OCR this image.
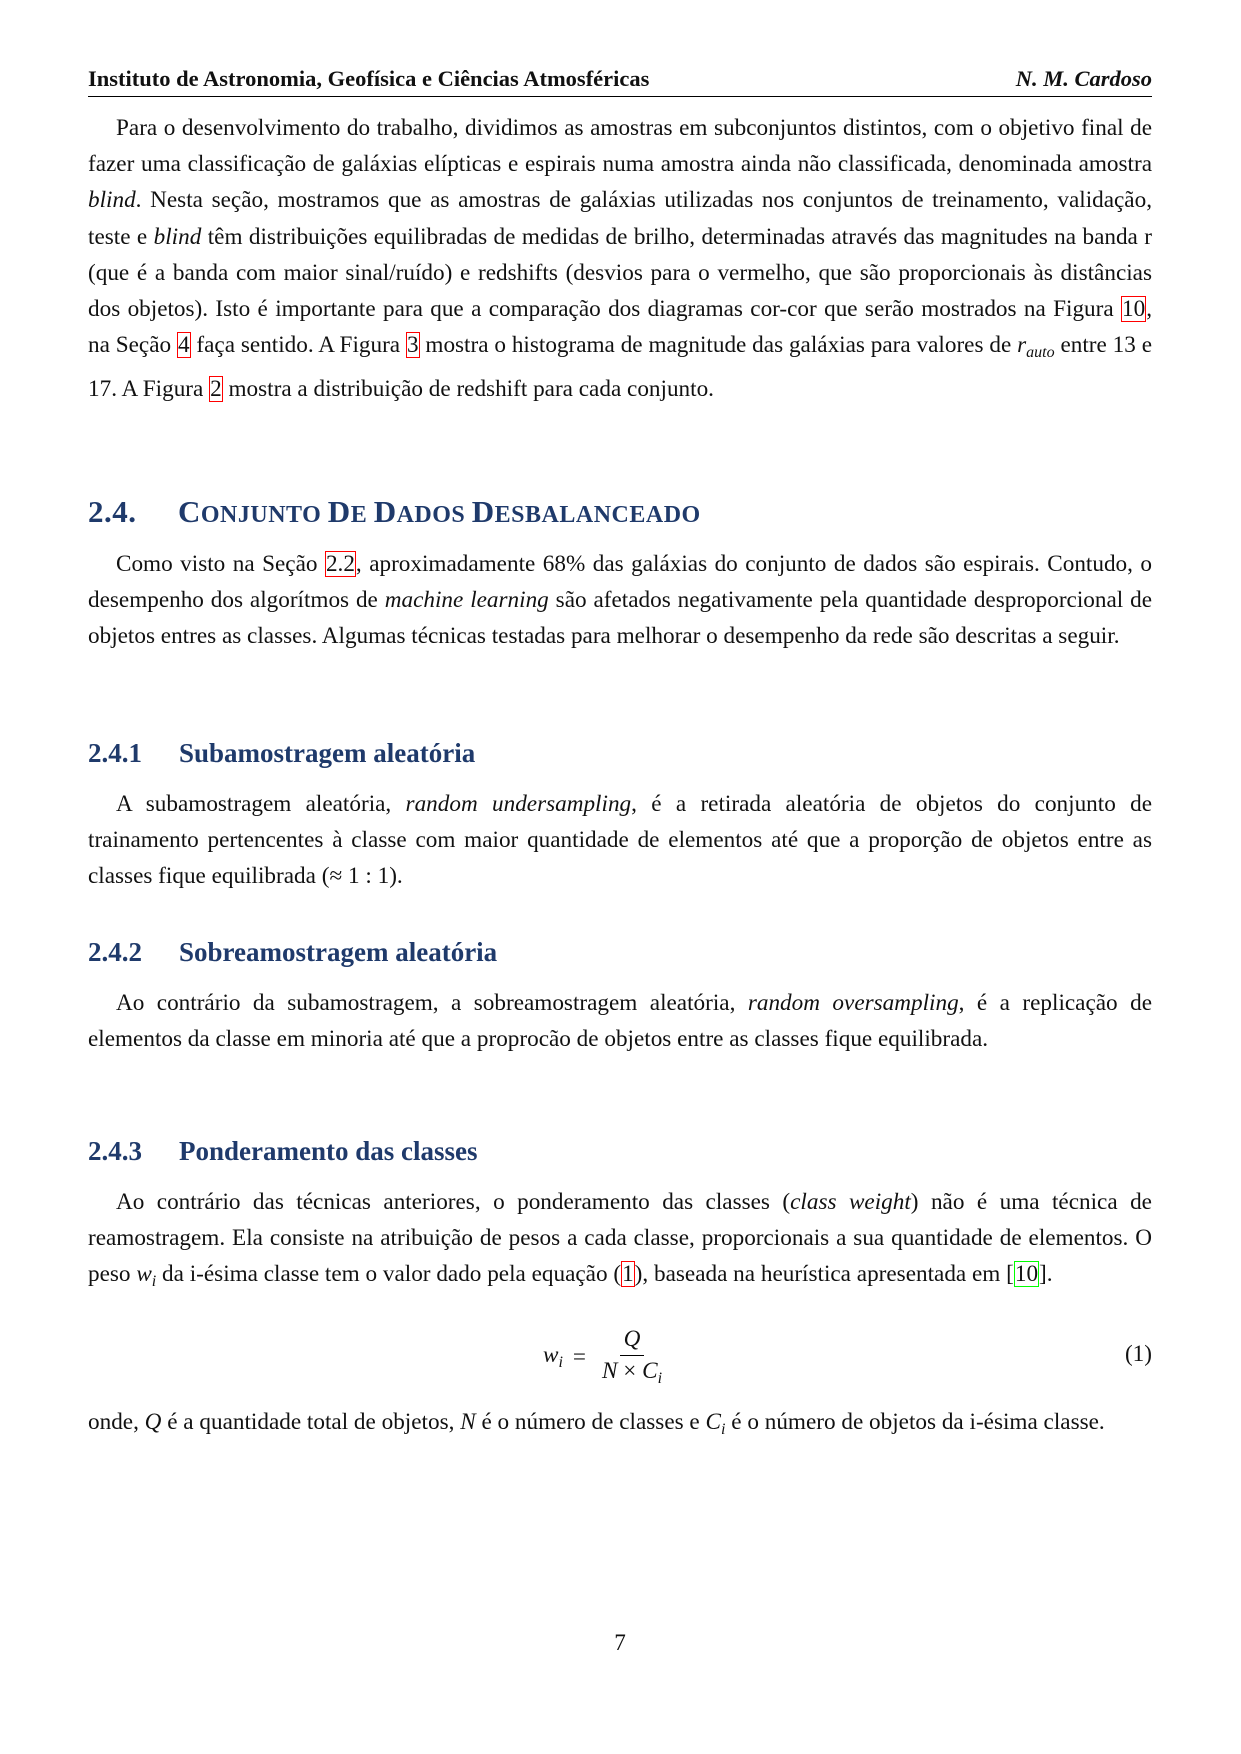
Instituto de Astronomia, Geofísica e Ciências Atmosféricas	N. M. Cardoso

Para o desenvolvimento do trabalho, dividimos as amostras em subconjuntos distintos, com o objetivo final de fazer uma classificação de galáxias elípticas e espirais numa amostra ainda não classificada, denominada amostra blind. Nesta seção, mostramos que as amostras de galáxias utilizadas nos conjuntos de treinamento, validação, teste e blind têm distribuições equilibradas de medidas de brilho, determinadas através das magnitudes na banda r (que é a banda com maior sinal/ruído) e redshifts (desvios para o vermelho, que são proporcionais às distâncias dos objetos). Isto é importante para que a comparação dos diagramas cor-cor que serão mostrados na Figura 10, na Seção 4 faça sentido. A Figura 3 mostra o histograma de magnitude das galáxias para valores de $r_{auto}$ entre 13 e 17. A Figura 2 mostra a distribuição de redshift para cada conjunto.

2.4. CONJUNTO DE DADOS DESBALANCEADO

Como visto na Seção 2.2, aproximadamente 68% das galáxias do conjunto de dados são espirais. Contudo, o desempenho dos algorítmos de machine learning são afetados negativamente pela quantidade desproporcional de objetos entres as classes. Algumas técnicas testadas para melhorar o desempenho da rede são descritas a seguir.

2.4.1 Subamostragem aleatória

A subamostragem aleatória, random undersampling, é a retirada aleatória de objetos do conjunto de trainamento pertencentes à classe com maior quantidade de elementos até que a proporção de objetos entre as classes fique equilibrada (≈ 1 : 1).

2.4.2 Sobreamostragem aleatória

Ao contrário da subamostragem, a sobreamostragem aleatória, random oversampling, é a replicação de elementos da classe em minoria até que a proprocão de objetos entre as classes fique equilibrada.

2.4.3 Ponderamento das classes

Ao contrário das técnicas anteriores, o ponderamento das classes (class weight) não é uma técnica de reamostragem. Ela consiste na atribuição de pesos a cada classe, proporcionais a sua quantidade de elementos. O peso $w_i$ da i-ésima classe tem o valor dado pela equação (1), baseada na heurística apresentada em [10].

$w_i = \frac{Q}{N \times C_i}$	(1)

onde, Q é a quantidade total de objetos, N é o número de classes e $C_i$ é o número de objetos da i-ésima classe.

7
